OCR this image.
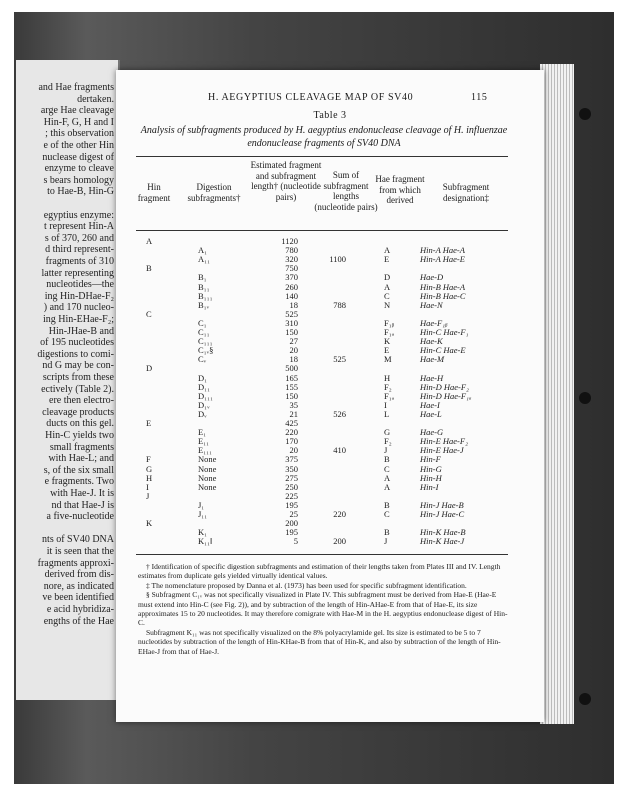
and Hae fragments
dertaken.
arge Hae cleavage
Hin-F, G, H and I
; this observation
e of the other Hin
nuclease digest of
enzyme to cleave
s bears homology
to Hae-B, Hin-G
egyptius enzyme:
t represent Hin-A
s of 370, 260 and
d third represent-
fragments of 310
latter representing
nucleotides—the
ing Hin-DHae-F₂
) and 170 nucleo-
ing Hin-EHae-F₂;
Hin-JHae-B and
of 195 nucleotides
digestions to comi-
nd G may be con-
scripts from these
ectively (Table 2).
ere then electro-
cleavage products
ducts on this gel.
Hin-C yields two
small fragments
with Hae-L; and
s, of the six small
e fragments. Two
with Hae-J. It is
nd that Hae-J is
a five-nucleotide
nts of SV40 DNA
it is seen that the
fragments approxi-
derived from dis-
nore, as indicated
ve been identified
e acid hybridiza-
engths of the Hae
H. AEGYPTIUS CLEAVAGE MAP OF SV40	115
Table 3
Analysis of subfragments produced by H. aegyptius endonuclease cleavage of H. influenzae endonuclease fragments of SV40 DNA
Hin fragment
Digestion subfragments†
Estimated fragment and subfragment length† (nucleotide pairs)
Sum of subfragment lengths (nucleotide pairs)
Hae fragment from which derived
Subfragment designation‡
A	1120
A₁	780	A	Hin-A Hae-A
A₁₁	320	1100	E	Hin-A Hae-E
B	750
B₁	370	D	Hae-D
B₁₁	260	A	Hin-B Hae-A
B₁₁₁	140	C	Hin-B Hae-C
B₁ᵥ	18	788	N	Hae-N
C	525
C₁	310	F₁ᵦ	Hae-F₁ᵦ
C₁₁	150	F₁ₐ	Hin-C Hae-F₁
C₁₁₁	27	K	Hae-K
C₁ᵥ§	20	E	Hin-C Hae-E
Cᵥ	18	525	M	Hae-M
D	500
D₁	165	H	Hae-H
D₁₁	155	F₂	Hin-D Hae-F₂
D₁₁₁	150	F₁ₐ	Hin-D Hae-F₁ₐ
D₁ᵥ	35	I	Hae-I
Dᵥ	21	526	L	Hae-L
E	425
E₁	220	G	Hae-G
E₁₁	170	F₂	Hin-E Hae-F₂
E₁₁₁	20	410	J	Hin-E Hae-J
F	None	375	B	Hin-F
G	None	350	C	Hin-G
H	None	275	A	Hin-H
I	None	250	A	Hin-I
J	225
J₁	195	B	Hin-J Hae-B
J₁₁	25	220	C	Hin-J Hae-C
K	200
K₁	195	B	Hin-K Hae-B
K₁₁‖	5	200	J	Hin-K Hae-J

† Identification of specific digestion subfragments and estimation of their lengths taken from Plates III and IV. Length estimates from duplicate gels yielded virtually identical values.

‡ The nomenclature proposed by Danna et al. (1973) has been used for specific subfragment identification.

§ Subfragment C₁ᵥ was not specifically visualized in Plate IV. This subfragment must be derived from Hae-E (Hae-E must extend into Hin-C (see Fig. 2)), and by subtraction of the length of Hin-AHae-E from that of Hae-E, its size approximates 15 to 20 nucleotides. It may therefore comigrate with Hae-M in the H. aegyptius endonuclease digest of Hin-C.

Subfragment K₁₁ was not specifically visualized on the 8% polyacrylamide gel. Its size is estimated to be 5 to 7 nucleotides by subtraction of the length of Hin-KHae-B from that of Hin-K, and also by subtraction of the length of Hin-EHae-J from that of Hae-J.
